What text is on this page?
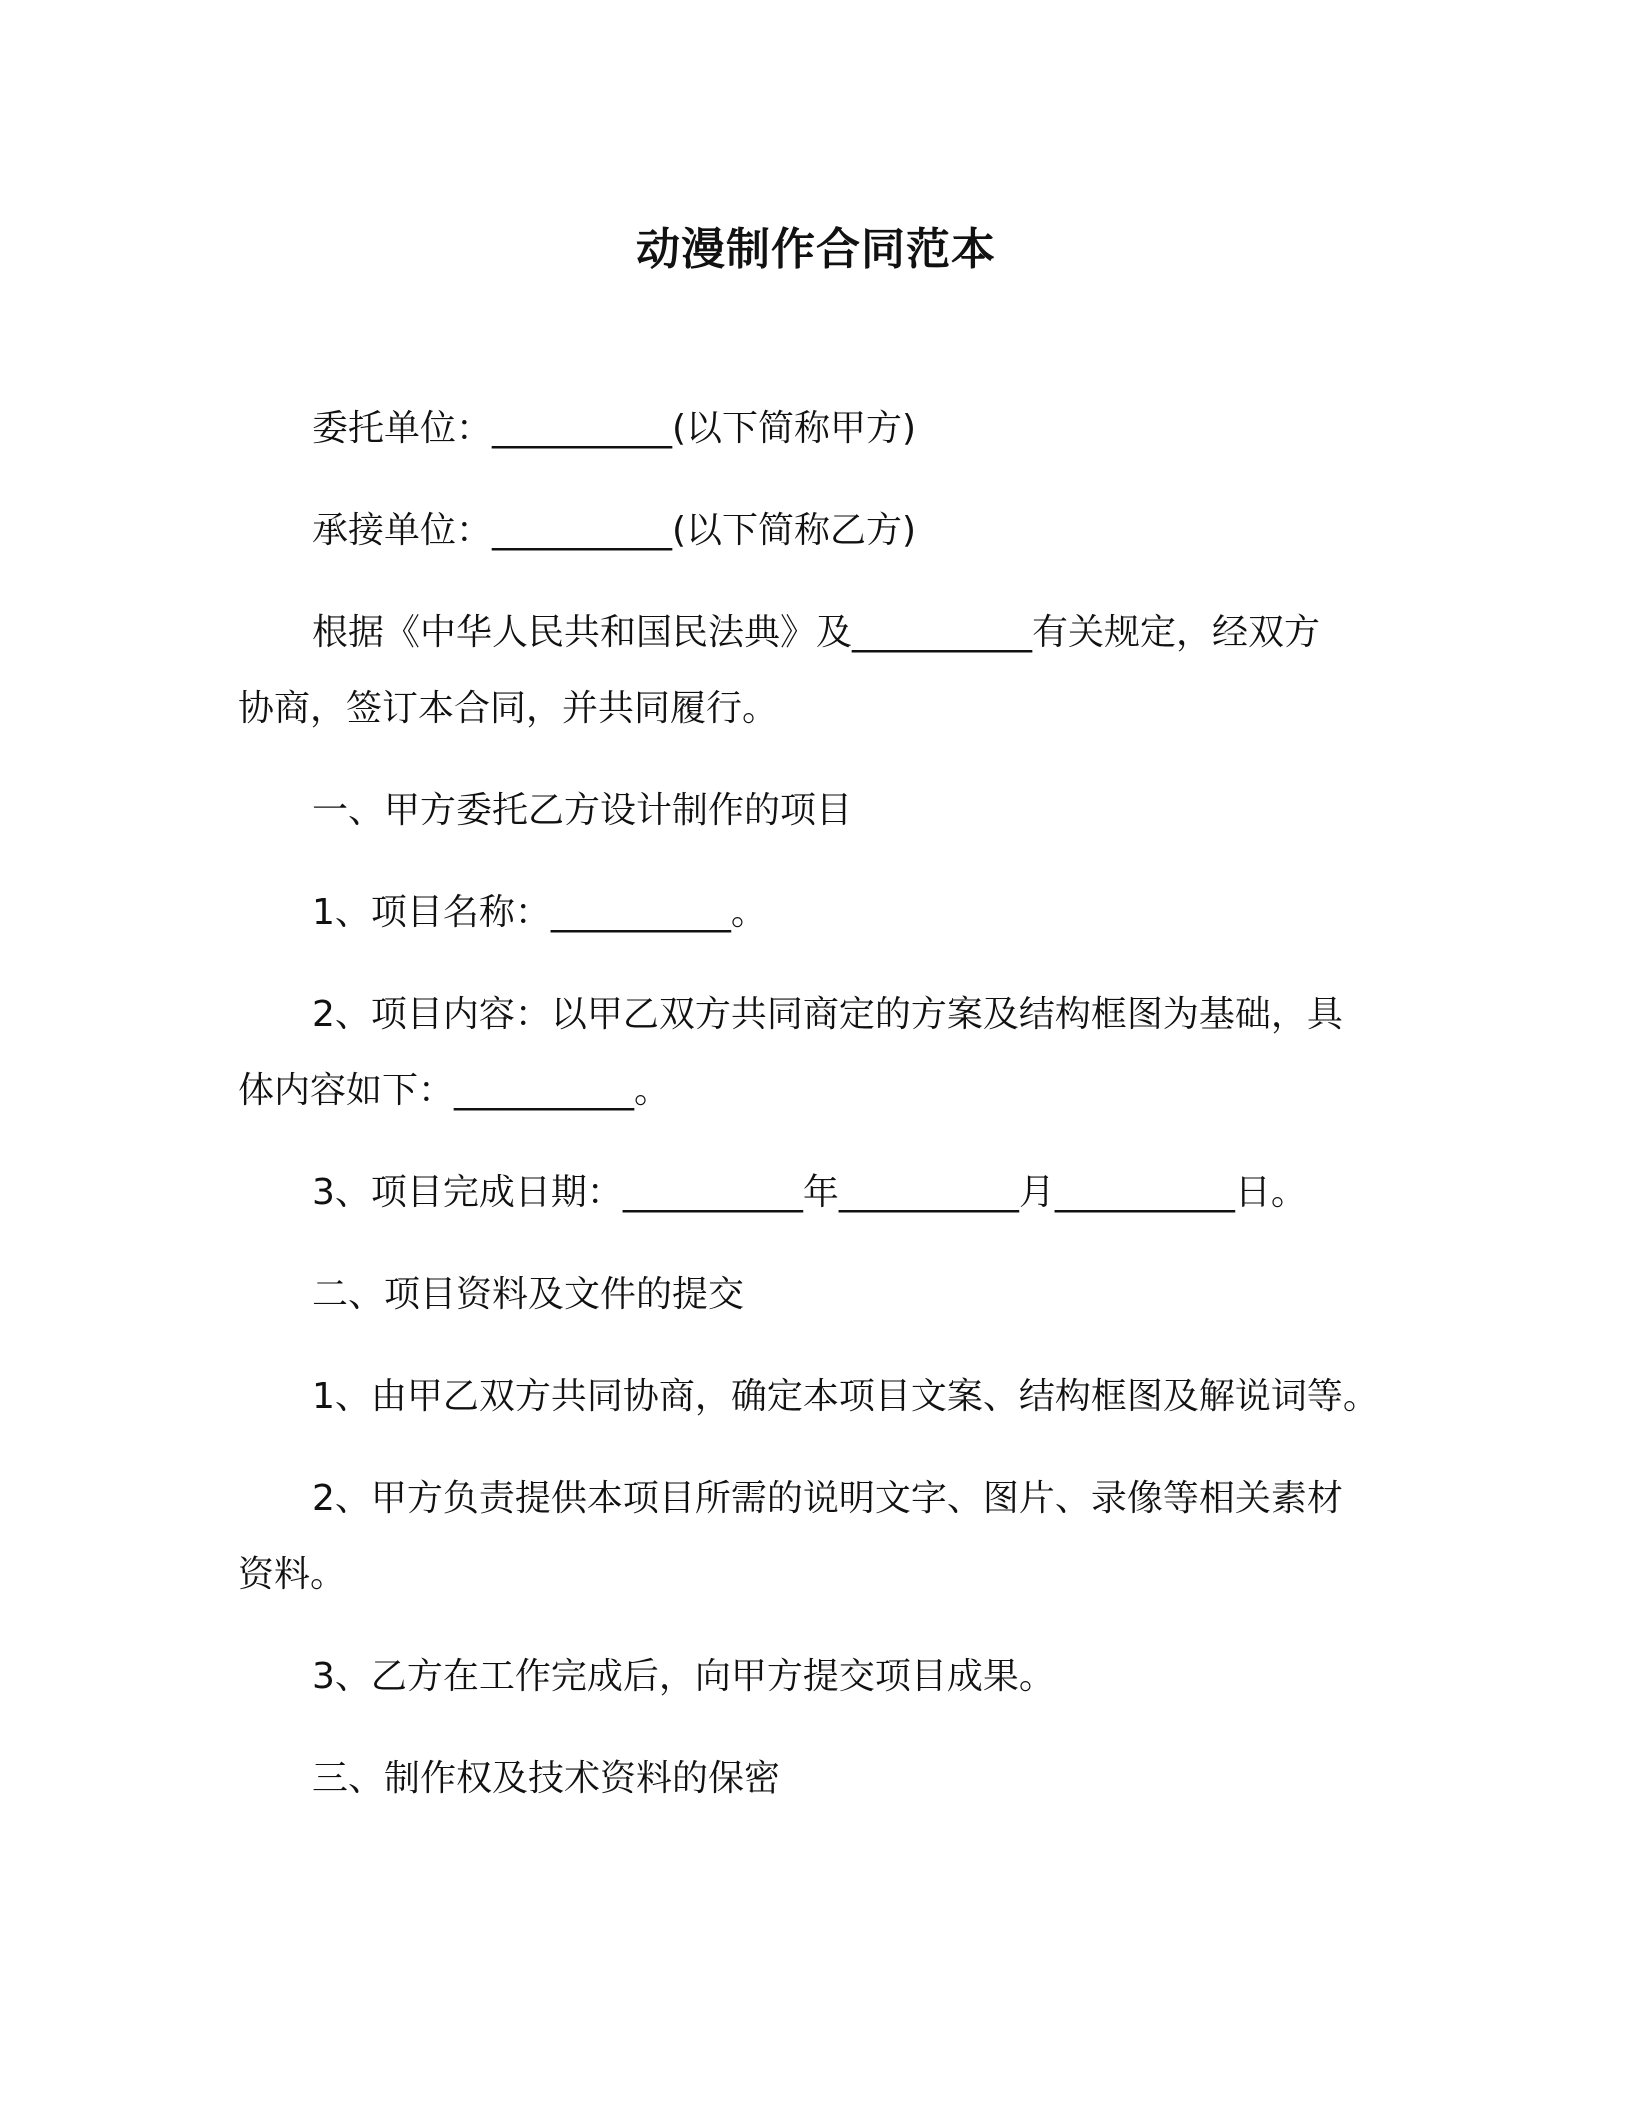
动漫制作合同范本
委托单位：__________(以下简称甲方)
承接单位：__________(以下简称乙方)
根据《中华人民共和国民法典》及__________有关规定，经双方
协商，签订本合同，并共同履行。
一、甲方委托乙方设计制作的项目
1、项目名称：__________。
2、项目内容：以甲乙双方共同商定的方案及结构框图为基础，具
体内容如下：__________。
3、项目完成日期：__________年__________月__________日。
二、项目资料及文件的提交
1、由甲乙双方共同协商，确定本项目文案、结构框图及解说词等。
2、甲方负责提供本项目所需的说明文字、图片、录像等相关素材
资料。
3、乙方在工作完成后，向甲方提交项目成果。
三、制作权及技术资料的保密
